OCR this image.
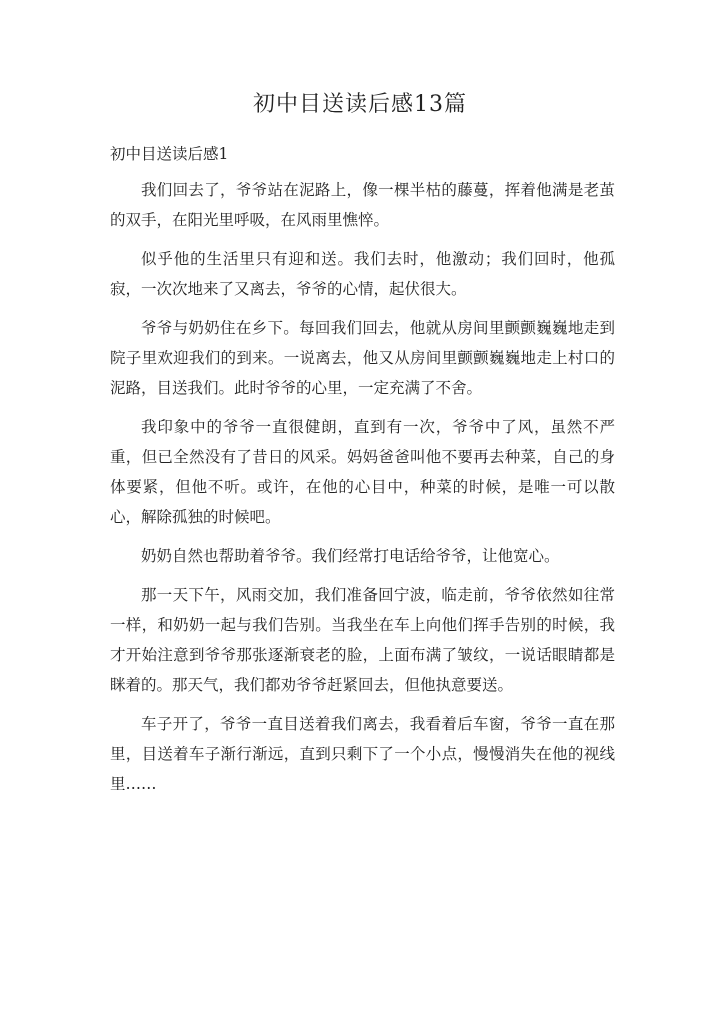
初中目送读后感13篇
初中目送读后感1

我们回去了，爷爷站在泥路上，像一棵半枯的藤蔓，挥着他满是老茧的双手，在阳光里呼吸，在风雨里憔悴。

似乎他的生活里只有迎和送。我们去时，他激动；我们回时，他孤寂，一次次地来了又离去，爷爷的心情，起伏很大。

爷爷与奶奶住在乡下。每回我们回去，他就从房间里颤颤巍巍地走到院子里欢迎我们的到来。一说离去，他又从房间里颤颤巍巍地走上村口的泥路，目送我们。此时爷爷的心里，一定充满了不舍。

我印象中的爷爷一直很健朗，直到有一次，爷爷中了风，虽然不严重，但已全然没有了昔日的风采。妈妈爸爸叫他不要再去种菜，自己的身体要紧，但他不听。或许，在他的心目中，种菜的时候，是唯一可以散心，解除孤独的时候吧。

奶奶自然也帮助着爷爷。我们经常打电话给爷爷，让他宽心。

那一天下午，风雨交加，我们准备回宁波，临走前，爷爷依然如往常一样，和奶奶一起与我们告别。当我坐在车上向他们挥手告别的时候，我才开始注意到爷爷那张逐渐衰老的脸，上面布满了皱纹，一说话眼睛都是眯着的。那天气，我们都劝爷爷赶紧回去，但他执意要送。

车子开了，爷爷一直目送着我们离去，我看着后车窗，爷爷一直在那里，目送着车子渐行渐远，直到只剩下了一个小点，慢慢消失在他的视线里……
